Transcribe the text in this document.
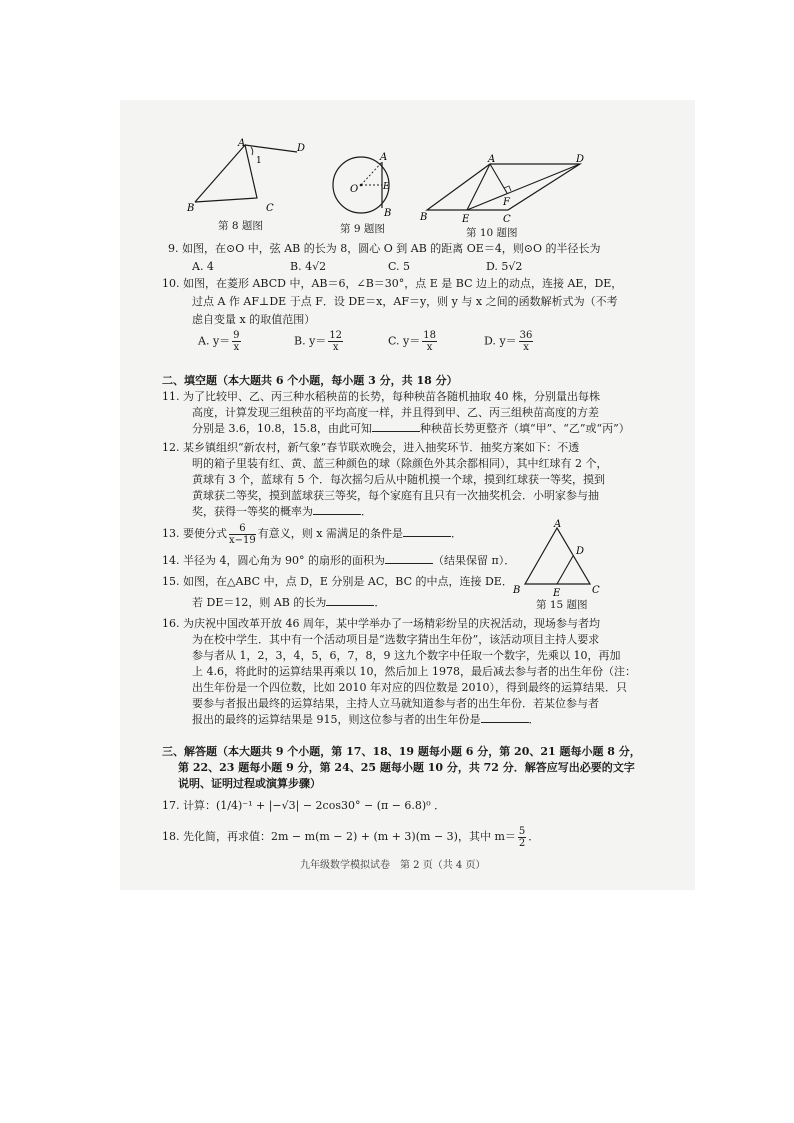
A
1
D
B	C
第 8 题图
A
O	E
B
第 9 题图
A	D
F
B	E	C
第 10 题图
9. 如图，在⊙O 中，弦 AB 的长为 8，圆心 O 到 AB 的距离 OE＝4，则⊙O 的半径长为
A. 4	B. 4√2	C. 5	D. 5√2
10. 如图，在菱形 ABCD 中，AB＝6，∠B＝30°，点 E 是 BC 边上的动点，连接 AE，DE，
过点 A 作 AF⊥DE 于点 F．设 DE＝x，AF＝y，则 y 与 x 之间的函数解析式为（不考
虑自变量 x 的取值范围）
A. $y= \frac{9}{x}$	B. $y= \frac{12}{x}$	C. $y= \frac{18}{x}$	D. $y= \frac{36}{x}$
二、填空题（本大题共 6 个小题，每小题 3 分，共 18 分）
11. 为了比较甲、乙、丙三种水稻秧苗的长势，每种秧苗各随机抽取 40 株，分别量出每株
高度，计算发现三组秧苗的平均高度一样，并且得到甲、乙、丙三组秧苗高度的方差
分别是 3.6，10.8，15.8，由此可知	种秧苗长势更整齐（填“甲”、“乙”或“丙”）
12. 某乡镇组织“新农村，新气象”春节联欢晚会，进入抽奖环节．抽奖方案如下：不透
明的箱子里装有红、黄、蓝三种颜色的球（除颜色外其余都相同），其中红球有 2 个，
黄球有 3 个，蓝球有 5 个．每次摇匀后从中随机摸一个球，摸到红球获一等奖，摸到
黄球获二等奖，摸到蓝球获三等奖，每个家庭有且只有一次抽奖机会．小明家参与抽
奖，获得一等奖的概率为	．
13. 要使分式 $\frac{6}{x-19}$ 有意义，则 x 需满足的条件是	．
14. 半径为 4，圆心角为 90° 的扇形的面积为	（结果保留 π）．
A
D
B	E	C
第 15 题图
15. 如图，在△ABC 中，点 D，E 分别是 AC，BC 的中点，连接 DE．
若 DE＝12，则 AB 的长为	．
16. 为庆祝中国改革开放 46 周年，某中学举办了一场精彩纷呈的庆祝活动，现场参与者均
为在校中学生．其中有一个活动项目是“选数字猜出生年份”，该活动项目主持人要求
参与者从 1，2，3，4，5，6，7，8，9 这九个数字中任取一个数字，先乘以 10，再加
上 4.6，将此时的运算结果再乘以 10，然后加上 1978，最后减去参与者的出生年份（注：
出生年份是一个四位数，比如 2010 年对应的四位数是 2010），得到最终的运算结果．只
要参与者报出最终的运算结果，主持人立马就知道参与者的出生年份．若某位参与者
报出的最终的运算结果是 915，则这位参与者的出生年份是	．
三、解答题（本大题共 9 个小题，第 17、18、19 题每小题 6 分，第 20、21 题每小题 8 分，
第 22、23 题每小题 9 分，第 24、25 题每小题 10 分，共 72 分．解答应写出必要的文字
说明、证明过程或演算步骤）
17. 计算：(1/4)⁻¹ + |−√3| − 2cos30° − (π − 6.8)⁰ ．
18. 先化简，再求值：2m − m(m − 2) + (m + 3)(m − 3)，其中 $m= \frac{5}{2}$ ．
九年级数学模拟试卷　第 2 页（共 4 页）
